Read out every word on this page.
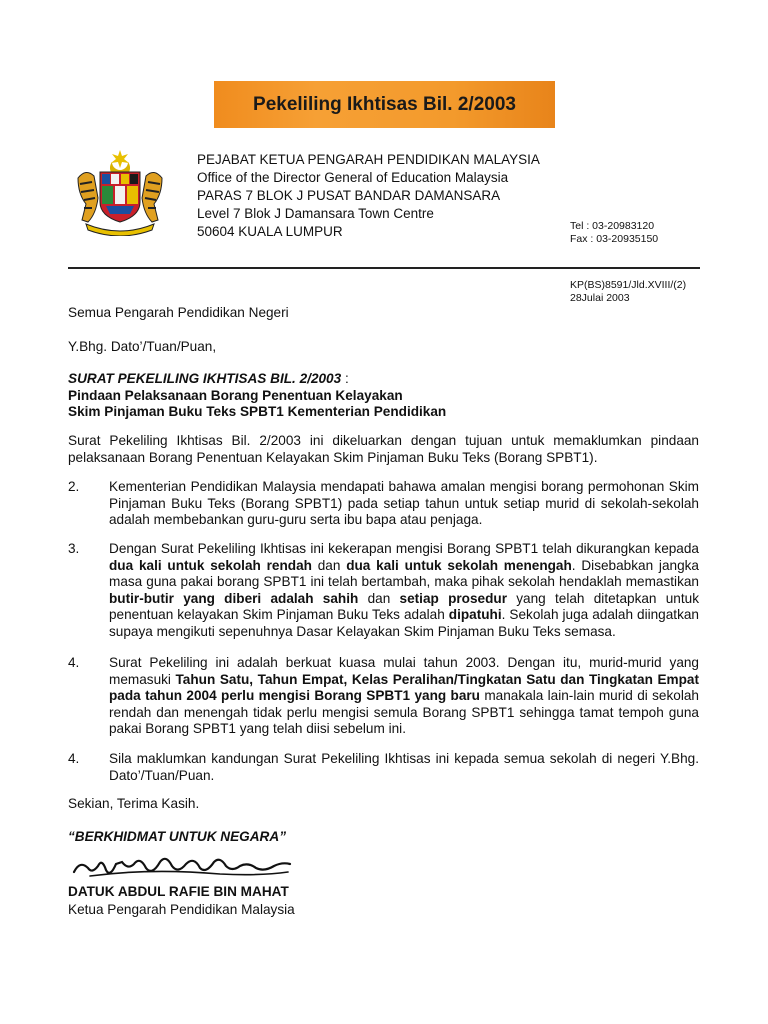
Pekeliling Ikhtisas Bil. 2/2003
PEJABAT KETUA PENGARAH PENDIDIKAN MALAYSIA
Office of the Director General of Education Malaysia
PARAS 7 BLOK J PUSAT BANDAR DAMANSARA
Level 7 Blok J Damansara Town Centre
50604 KUALA LUMPUR	Tel : 03-20983120
Fax : 03-20935150
KP(BS)8591/Jld.XVIII/(2)
28Julai 2003
Semua Pengarah Pendidikan Negeri
Y.Bhg. Dato’/Tuan/Puan,
SURAT PEKELILING IKHTISAS BIL. 2/2003 :
Pindaan Pelaksanaan Borang Penentuan Kelayakan
Skim Pinjaman Buku Teks SPBT1 Kementerian Pendidikan
Surat Pekeliling Ikhtisas Bil. 2/2003 ini dikeluarkan dengan tujuan untuk memaklumkan pindaan pelaksanaan Borang Penentuan Kelayakan Skim Pinjaman Buku Teks (Borang SPBT1).
2. Kementerian Pendidikan Malaysia mendapati bahawa amalan mengisi borang permohonan Skim Pinjaman Buku Teks (Borang SPBT1) pada setiap tahun untuk setiap murid di sekolah-sekolah adalah membebankan guru-guru serta ibu bapa atau penjaga.
3. Dengan Surat Pekeliling Ikhtisas ini kekerapan mengisi Borang SPBT1 telah dikurangkan kepada dua kali untuk sekolah rendah dan dua kali untuk sekolah menengah. Disebabkan jangka masa guna pakai borang SPBT1 ini telah bertambah, maka pihak sekolah hendaklah memastikan butir-butir yang diberi adalah sahih dan setiap prosedur yang telah ditetapkan untuk penentuan kelayakan Skim Pinjaman Buku Teks adalah dipatuhi. Sekolah juga adalah diingatkan supaya mengikuti sepenuhnya Dasar Kelayakan Skim Pinjaman Buku Teks semasa.
4. Surat Pekeliling ini adalah berkuat kuasa mulai tahun 2003. Dengan itu, murid-murid yang memasuki Tahun Satu, Tahun Empat, Kelas Peralihan/Tingkatan Satu dan Tingkatan Empat pada tahun 2004 perlu mengisi Borang SPBT1 yang baru manakala lain-lain murid di sekolah rendah dan menengah tidak perlu mengisi semula Borang SPBT1 sehingga tamat tempoh guna pakai Borang SPBT1 yang telah diisi sebelum ini.
4. Sila maklumkan kandungan Surat Pekeliling Ikhtisas ini kepada semua sekolah di negeri Y.Bhg. Dato’/Tuan/Puan.
Sekian, Terima Kasih.
“BERKHIDMAT UNTUK NEGARA”
DATUK ABDUL RAFIE BIN MAHAT
Ketua Pengarah Pendidikan Malaysia
